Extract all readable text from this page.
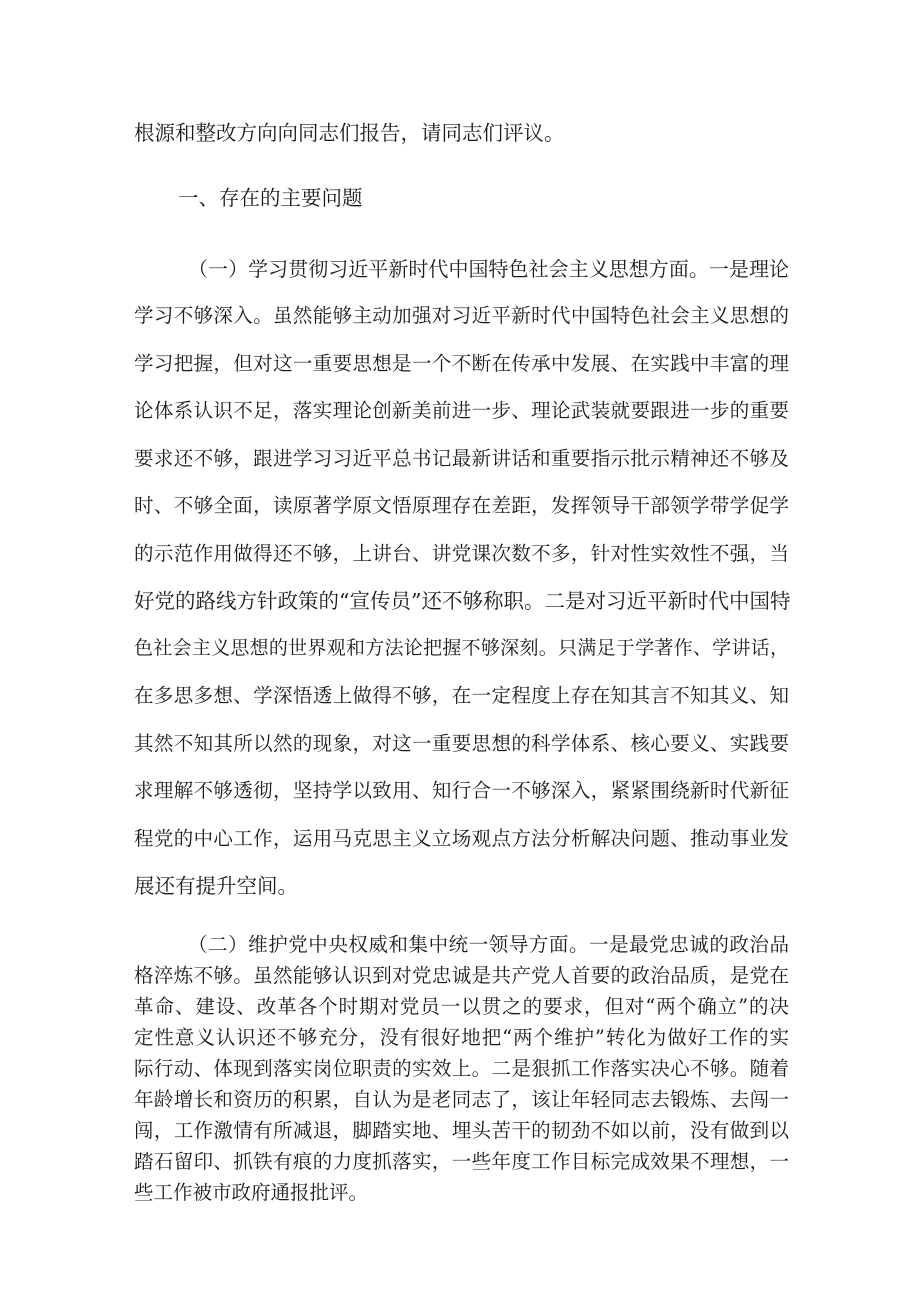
根源和整改方向向同志们报告，请同志们评议。

一、存在的主要问题

（一）学习贯彻习近平新时代中国特色社会主义思想方面。一是理论

学习不够深入。虽然能够主动加强对习近平新时代中国特色社会主义思想的

学习把握，但对这一重要思想是一个不断在传承中发展、在实践中丰富的理

论体系认识不足，落实理论创新美前进一步、理论武装就要跟进一步的重要

要求还不够，跟进学习习近平总书记最新讲话和重要指示批示精神还不够及

时、不够全面，读原著学原文悟原理存在差距，发挥领导干部领学带学促学

的示范作用做得还不够，上讲台、讲党课次数不多，针对性实效性不强，当

好党的路线方针政策的“宣传员”还不够称职。二是对习近平新时代中国特

色社会主义思想的世界观和方法论把握不够深刻。只满足于学著作、学讲话，

在多思多想、学深悟透上做得不够，在一定程度上存在知其言不知其义、知

其然不知其所以然的现象，对这一重要思想的科学体系、核心要义、实践要

求理解不够透彻，坚持学以致用、知行合一不够深入，紧紧围绕新时代新征

程党的中心工作，运用马克思主义立场观点方法分析解决问题、推动事业发

展还有提升空间。

（二）维护党中央权威和集中统一领导方面。一是最党忠诚的政治品

格淬炼不够。虽然能够认识到对党忠诚是共产党人首要的政治品质，是党在

革命、建设、改革各个时期对党员一以贯之的要求，但对“两个确立”的决

定性意义认识还不够充分，没有很好地把“两个维护”转化为做好工作的实

际行动、体现到落实岗位职责的实效上。二是狠抓工作落实决心不够。随着

年龄增长和资历的积累，自认为是老同志了，该让年轻同志去锻炼、去闯一

闯，工作激情有所减退，脚踏实地、埋头苦干的韧劲不如以前，没有做到以

踏石留印、抓铁有痕的力度抓落实，一些年度工作目标完成效果不理想，一

些工作被市政府通报批评。
